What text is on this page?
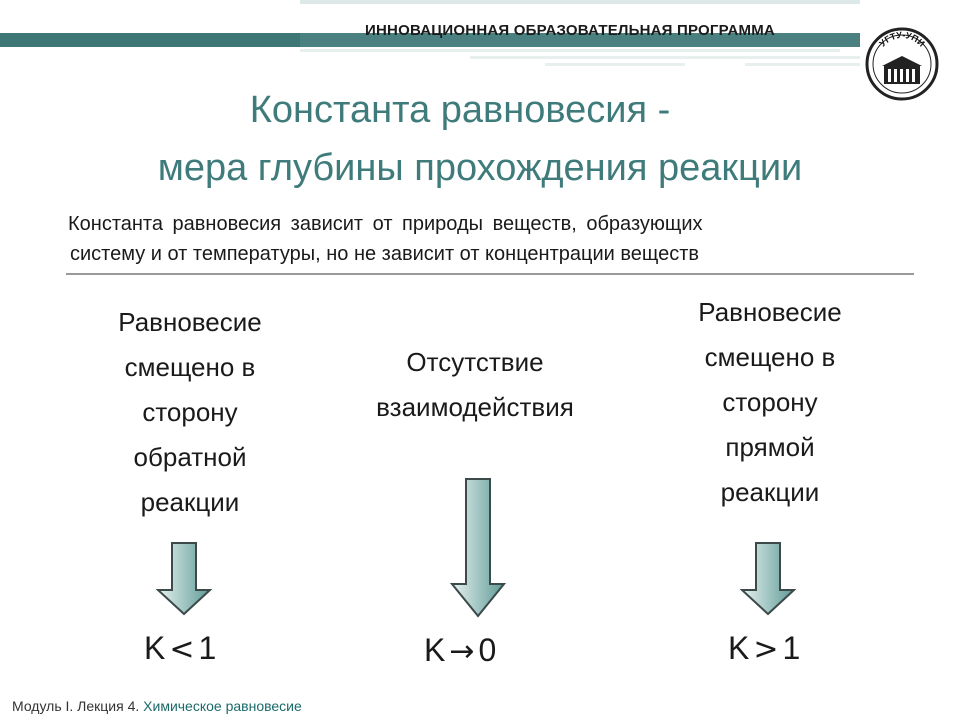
ИННОВАЦИОННАЯ ОБРАЗОВАТЕЛЬНАЯ ПРОГРАММА
УГТУ-УПИ
Константа равновесия -
мера глубины прохождения реакции
Константа равновесия зависит от природы веществ, образующих
систему и от температуры, но не зависит от концентрации веществ
Равновесие
смещено в
сторону
обратной
реакции
Отсутствие
взаимодействия
Равновесие
смещено в
сторону
прямой
реакции
K < 1	K → 0	K > 1
Модуль I. Лекция 4. Химическое равновесие
